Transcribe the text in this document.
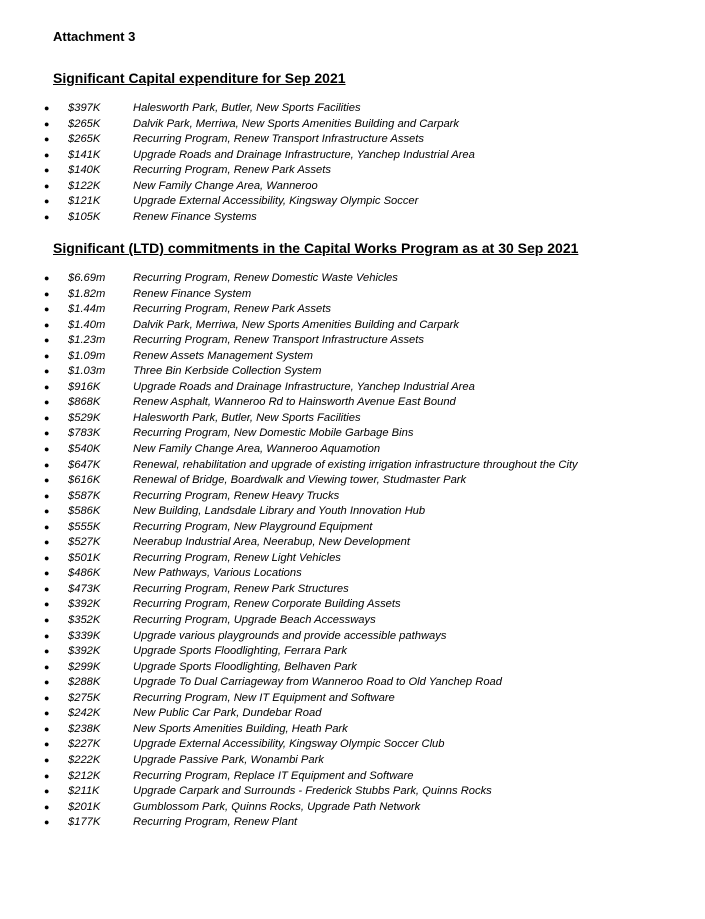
Attachment 3
Significant Capital expenditure for Sep 2021
● $397K	Halesworth Park, Butler, New Sports Facilities
● $265K	Dalvik Park, Merriwa, New Sports Amenities Building and Carpark
● $265K	Recurring Program, Renew Transport Infrastructure Assets
● $141K	Upgrade Roads and Drainage Infrastructure, Yanchep Industrial Area
● $140K	Recurring Program, Renew Park Assets
● $122K	New Family Change Area, Wanneroo
● $121K	Upgrade External Accessibility, Kingsway Olympic Soccer
● $105K	Renew Finance Systems
Significant (LTD) commitments in the Capital Works Program as at 30 Sep 2021
● $6.69m Recurring Program, Renew Domestic Waste Vehicles
● $1.82m Renew Finance System
● $1.44m Recurring Program, Renew Park Assets
● $1.40m Dalvik Park, Merriwa, New Sports Amenities Building and Carpark
● $1.23m Recurring Program, Renew Transport Infrastructure Assets
● $1.09m Renew Assets Management System
● $1.03m Three Bin Kerbside Collection System
● $916K	Upgrade Roads and Drainage Infrastructure, Yanchep Industrial Area
● $868K	Renew Asphalt, Wanneroo Rd to Hainsworth Avenue East Bound
● $529K	Halesworth Park, Butler, New Sports Facilities
● $783K	Recurring Program, New Domestic Mobile Garbage Bins
● $540K	New Family Change Area, Wanneroo Aquamotion
● $647K	Renewal, rehabilitation and upgrade of existing irrigation infrastructure throughout the City
● $616K	Renewal of Bridge, Boardwalk and Viewing tower, Studmaster Park
● $587K	Recurring Program, Renew Heavy Trucks
● $586K	New Building, Landsdale Library and Youth Innovation Hub
● $555K	Recurring Program, New Playground Equipment
● $527K	Neerabup Industrial Area, Neerabup, New Development
● $501K	Recurring Program, Renew Light Vehicles
● $486K	New Pathways, Various Locations
● $473K	Recurring Program, Renew Park Structures
● $392K	Recurring Program, Renew Corporate Building Assets
● $352K	Recurring Program, Upgrade Beach Accessways
● $339K	Upgrade various playgrounds and provide accessible pathways
● $392K	Upgrade Sports Floodlighting, Ferrara Park
● $299K	Upgrade Sports Floodlighting, Belhaven Park
● $288K	Upgrade To Dual Carriageway from Wanneroo Road to Old Yanchep Road
● $275K	Recurring Program, New IT Equipment and Software
● $242K	New Public Car Park, Dundebar Road
● $238K	New Sports Amenities Building, Heath Park
● $227K	Upgrade External Accessibility, Kingsway Olympic Soccer Club
● $222K	Upgrade Passive Park, Wonambi Park
● $212K	Recurring Program, Replace IT Equipment and Software
● $211K	Upgrade Carpark and Surrounds - Frederick Stubbs Park, Quinns Rocks
● $201K	Gumblossom Park, Quinns Rocks, Upgrade Path Network
● $177K	Recurring Program, Renew Plant
